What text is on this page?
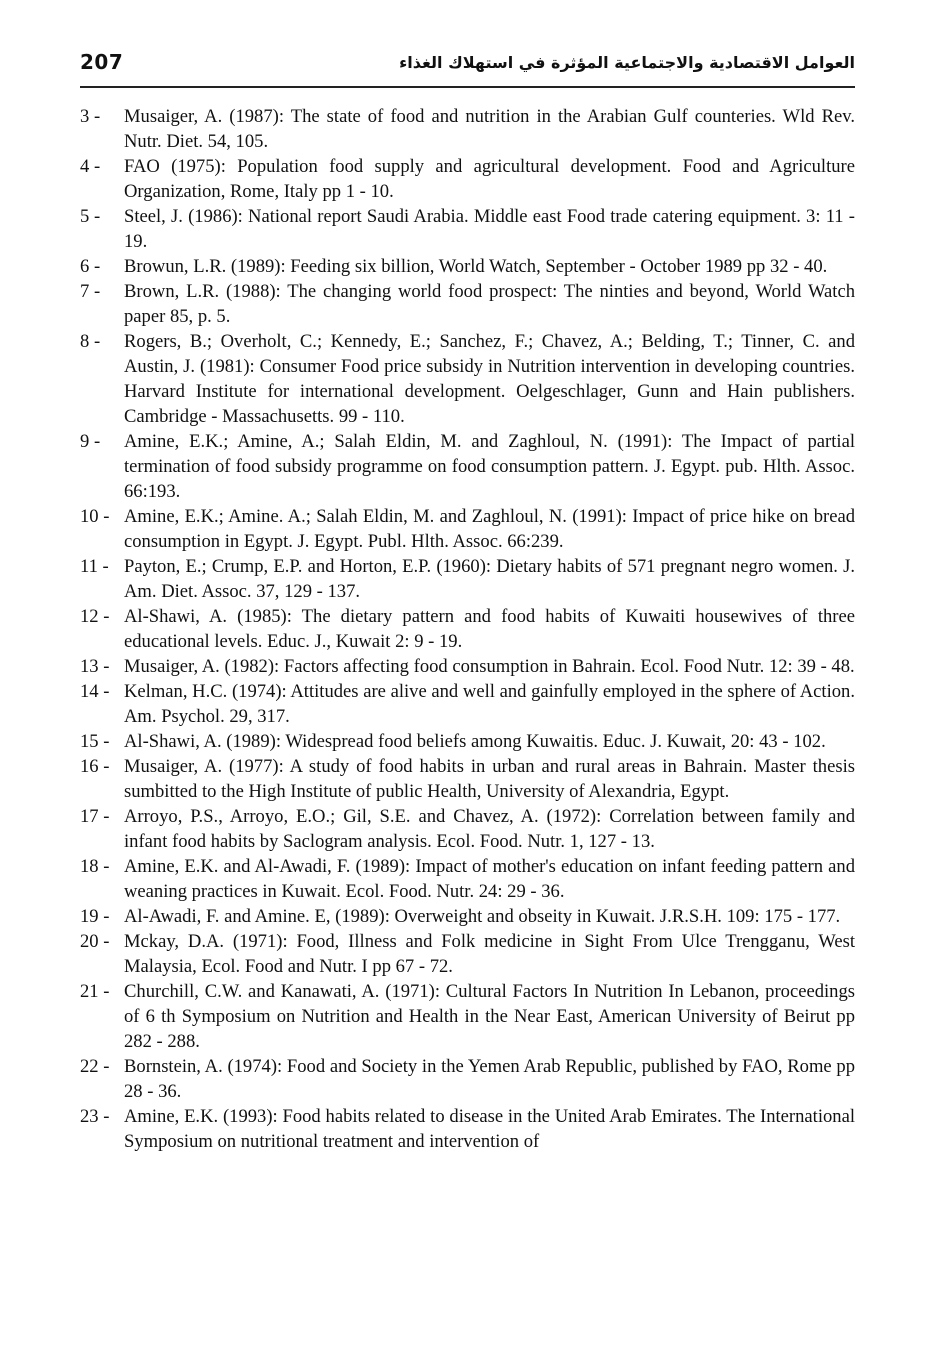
207	العوامل الاقتصادية والاجتماعية المؤثرة في استهلاك الغذاء
3 -	Musaiger, A. (1987): The state of food and nutrition in the Arabian Gulf counteries. Wld Rev. Nutr. Diet. 54, 105.
4 -	FAO (1975): Population food supply and agricultural development. Food and Agriculture Organization, Rome, Italy pp 1 - 10.
5 -	Steel, J. (1986): National report Saudi Arabia. Middle east Food trade catering equipment. 3: 11 - 19.
6 -	Browun, L.R. (1989): Feeding six billion, World Watch, September - October 1989 pp 32 - 40.
7 -	Brown, L.R. (1988): The changing world food prospect: The ninties and beyond, World Watch paper 85, p. 5.
8 -	Rogers, B.; Overholt, C.; Kennedy, E.; Sanchez, F.; Chavez, A.; Belding, T.; Tinner, C. and Austin, J. (1981): Consumer Food price subsidy in Nutrition intervention in developing countries. Harvard Institute for international development. Oelgeschlager, Gunn and Hain publishers. Cambridge - Massachusetts. 99 - 110.
9 -	Amine, E.K.; Amine, A.; Salah Eldin, M. and Zaghloul, N. (1991): The Impact of partial termination of food subsidy programme on food consumption pattern. J. Egypt. pub. Hlth. Assoc. 66:193.
10 - Amine, E.K.; Amine. A.; Salah Eldin, M. and Zaghloul, N. (1991): Impact of price hike on bread consumption in Egypt. J. Egypt. Publ. Hlth. Assoc. 66:239.
11 - Payton, E.; Crump, E.P. and Horton, E.P. (1960): Dietary habits of 571 pregnant negro women. J. Am. Diet. Assoc. 37, 129 - 137.
12 - Al-Shawi, A. (1985): The dietary pattern and food habits of Kuwaiti housewives of three educational levels. Educ. J., Kuwait 2: 9 - 19.
13 - Musaiger, A. (1982): Factors affecting food consumption in Bahrain. Ecol. Food Nutr. 12: 39 - 48.
14 - Kelman, H.C. (1974): Attitudes are alive and well and gainfully employed in the sphere of Action. Am. Psychol. 29, 317.
15 - Al-Shawi, A. (1989): Widespread food beliefs among Kuwaitis. Educ. J. Kuwait, 20: 43 - 102.
16 - Musaiger, A. (1977): A study of food habits in urban and rural areas in Bahrain. Master thesis sumbitted to the High Institute of public Health, University of Alexandria, Egypt.
17 - Arroyo, P.S., Arroyo, E.O.; Gil, S.E. and Chavez, A. (1972): Correlation between family and infant food habits by Saclogram analysis. Ecol. Food. Nutr. 1, 127 - 13.
18 - Amine, E.K. and Al-Awadi, F. (1989): Impact of mother's education on infant feeding pattern and weaning practices in Kuwait. Ecol. Food. Nutr. 24: 29 - 36.
19 - Al-Awadi, F. and Amine. E, (1989): Overweight and obseity in Kuwait. J.R.S.H. 109: 175 - 177.
20 - Mckay, D.A. (1971): Food, Illness and Folk medicine in Sight From Ulce Trengganu, West Malaysia, Ecol. Food and Nutr. I pp 67 - 72.
21 - Churchill, C.W. and Kanawati, A. (1971): Cultural Factors In Nutrition In Lebanon, proceedings of 6 th Symposium on Nutrition and Health in the Near East, American University of Beirut pp 282 - 288.
22 - Bornstein, A. (1974): Food and Society in the Yemen Arab Republic, published by FAO, Rome pp 28 - 36.
23 - Amine, E.K. (1993): Food habits related to disease in the United Arab Emirates. The International Symposium on nutritional treatment and intervention of
